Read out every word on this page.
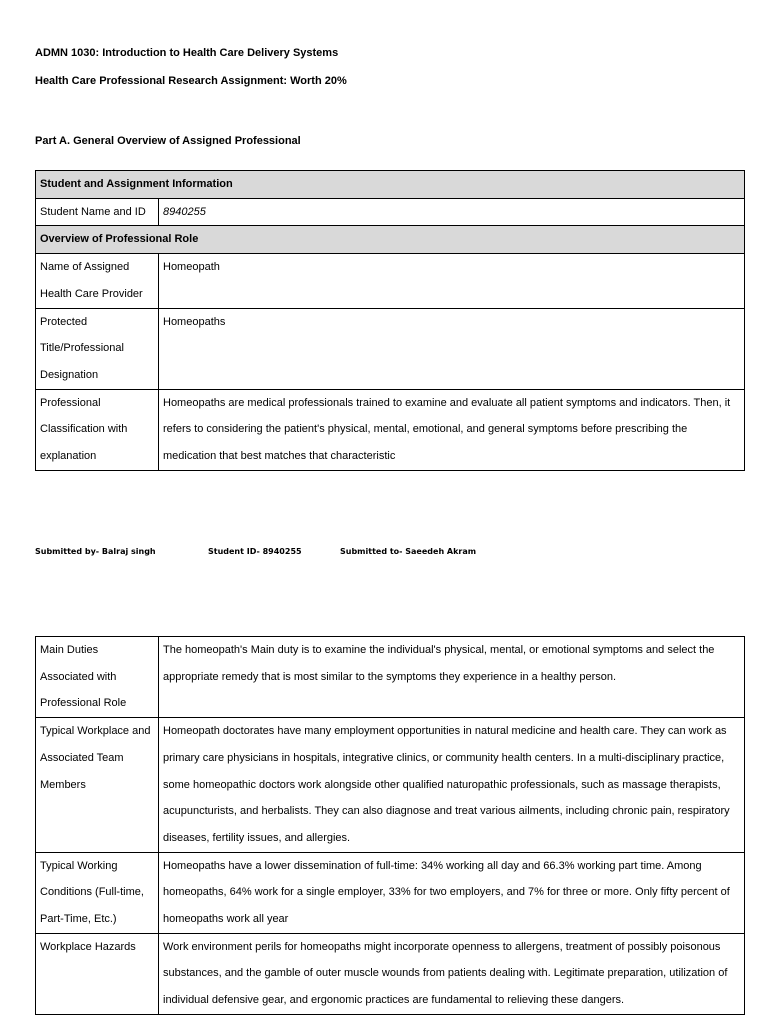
ADMN 1030: Introduction to Health Care Delivery Systems
Health Care Professional Research Assignment: Worth 20%
Part A. General Overview of Assigned Professional
Student and Assignment Information	
Student Name and ID	8940255
Overview of Professional Role	
Name of Assigned Health Care Provider	Homeopath
Protected Title/Professional Designation	Homeopaths
Professional Classification with explanation	Homeopaths are medical professionals trained to examine and evaluate all patient symptoms and indicators. Then, it refers to considering the patient's physical, mental, emotional, and general symptoms before prescribing the medication that best matches that characteristic
Submitted by- Balraj singh	Student ID- 8940255	Submitted to- Saeedeh Akram
Main Duties Associated with Professional Role	The homeopath's Main duty is to examine the individual's physical, mental, or emotional symptoms and select the appropriate remedy that is most similar to the symptoms they experience in a healthy person.
Typical Workplace and Associated Team Members	Homeopath doctorates have many employment opportunities in natural medicine and health care. They can work as primary care physicians in hospitals, integrative clinics, or community health centers. In a multi-disciplinary practice, some homeopathic doctors work alongside other qualified naturopathic professionals, such as massage therapists, acupuncturists, and herbalists. They can also diagnose and treat various ailments, including chronic pain, respiratory diseases, fertility issues, and allergies.
Typical Working Conditions (Full-time, Part-Time, Etc.)	Homeopaths have a lower dissemination of full-time: 34% working all day and 66.3% working part time. Among homeopaths, 64% work for a single employer, 33% for two employers, and 7% for three or more. Only fifty percent of homeopaths work all year
Workplace Hazards	Work environment perils for homeopaths might incorporate openness to allergens, treatment of possibly poisonous substances, and the gamble of outer muscle wounds from patients dealing with. Legitimate preparation, utilization of individual defensive gear, and ergonomic practices are fundamental to relieving these dangers.
